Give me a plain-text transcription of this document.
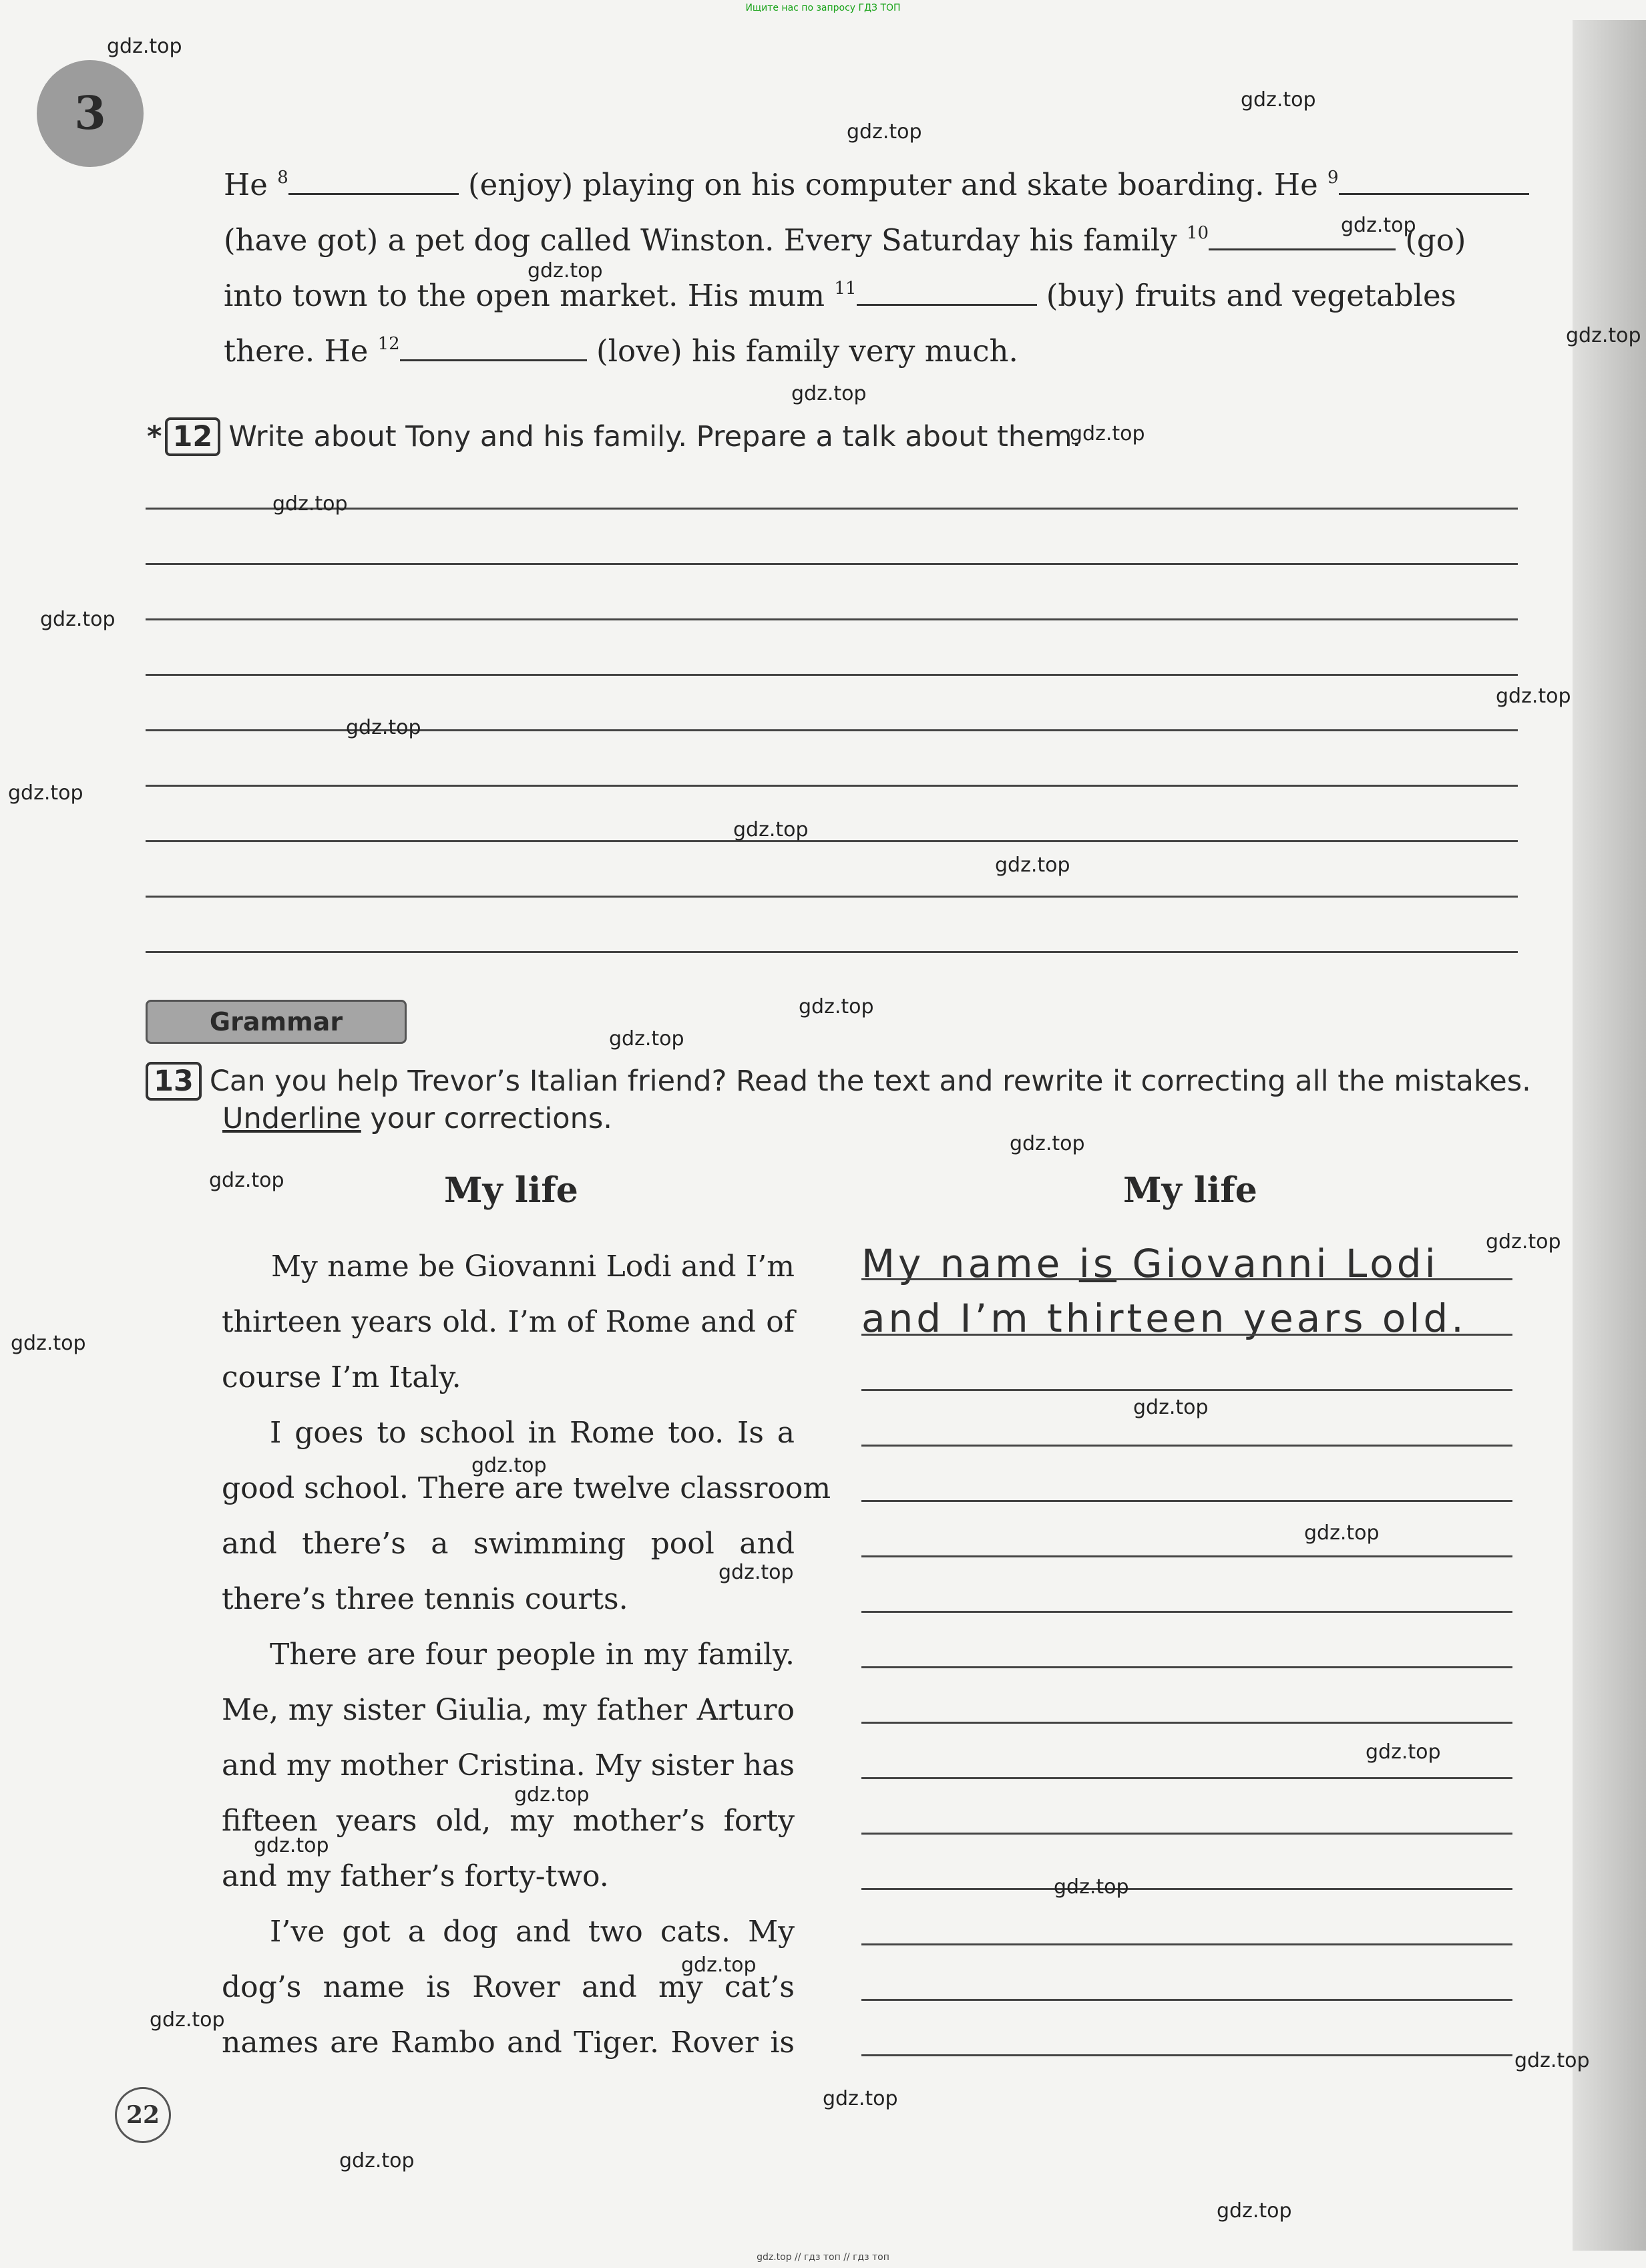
Ищите нас по запросу ГДЗ ТОП
3
He $^8$	(enjoy) playing on his computer and skate boarding. He $^9$
(have got) a pet dog called Winston. Every Saturday his family $^{10}$	(go)
into town to the open market. His mum $^{11}$	(buy) fruits and vegetables
there. He $^{12}$	(love) his family very much.
* 12 Write about Tony and his family. Prepare a talk about them.
Grammar
13 Can you help Trevor’s Italian friend? Read the text and rewrite it correcting all the mistakes.
Underline your corrections.
My life	My life
My name be Giovanni Lodi and I’m
thirteen years old. I’m of Rome and of
course I’m Italy.
I goes to school in Rome too. Is a
good school. There are twelve classroom
and there’s a swimming pool and
there’s three tennis courts.
There are four people in my family.
Me, my sister Giulia, my father Arturo
and my mother Cristina. My sister has
fifteen years old, my mother’s forty
and my father’s forty-two.
I’ve got a dog and two cats. My
dog’s name is Rover and my cat’s
names are Rambo and Tiger. Rover is
My name is Giovanni Lodi
and I’m thirteen years old.
22
gdz.top
gdz.top
gdz.top
gdz.top
gdz.top
gdz.top
gdz.top
gdz.top
gdz.top
gdz.top
gdz.top
gdz.top
gdz.top
gdz.top
gdz.top
gdz.top
gdz.top
gdz.top
gdz.top
gdz.top
gdz.top
gdz.top
gdz.top
gdz.top
gdz.top
gdz.top
gdz.top
gdz.top
gdz.top
gdz.top
gdz.top
gdz.top
gdz.top
gdz.top
gdz.top
gdz.top // гдз топ // гдз топ
